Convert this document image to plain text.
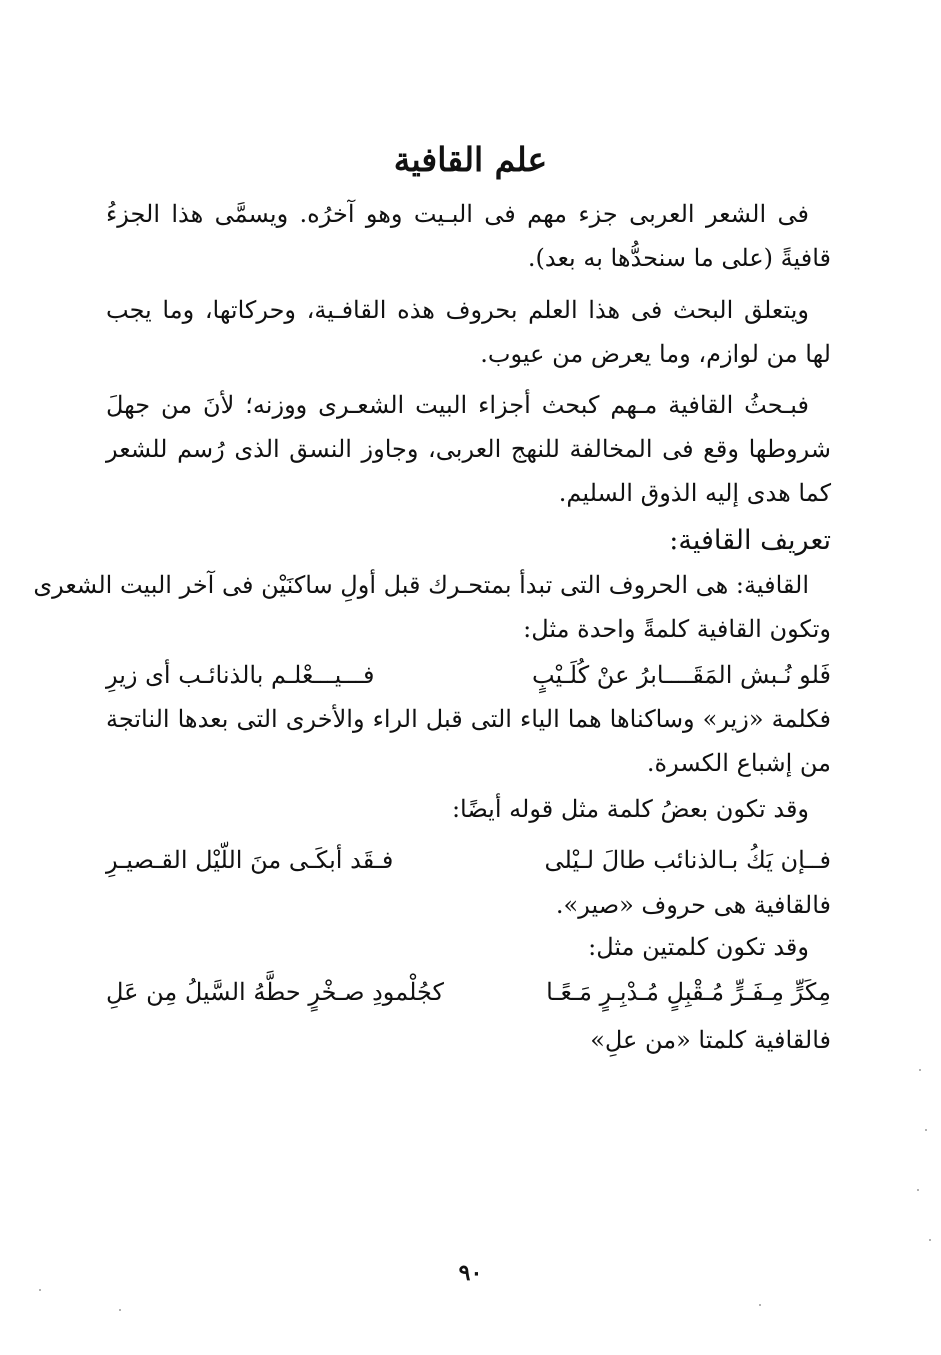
علم القافية

فى الشعر العربى جزء مهم فى البـيت وهو آخرُه. ويسمَّى هذا الجزءُ قافيةً (على ما سنحدُّها به بعد).

ويتعلق البحث فى هذا العلم بحروف هذه القافـية، وحركاتها، وما يجب لها من لوازم، وما يعرض من عيوب.

فبـحثُ القافية مـهم كبحث أجزاء البيت الشعـرى ووزنه؛ لأنَ من جهلَ شروطها وقع فى المخالفة للنهج العربى، وجاوز النسق الذى رُسم للشعر كما هدى إليه الذوق السليم.

تعريف القافية:
القافية: هى الحروف التى تبدأ بمتحـرك قبل أولِ ساكنَيْن فى آخر البيت الشعرى
وتكون القافية كلمةً واحدة مثل:
فَلو نُـبش المَقَــــابرُ عنْ كُلَـيْبٍ
فـــيـــعْلـم بالذنائـب أى زيرِ

فكلمة «زير» وساكناها هما الياء التى قبل الراء والأخرى التى بعدها الناتجة من إشباع الكسرة.

وقد تكون بعضُ كلمة مثل قوله أيضًا:
فــإن يَكُ بـالذنائب طالَ لـيْلى
فـقَد أبكَـى منَ اللّيْل القـصيـرِ
فالقافية هى حروف «صير».
وقد تكون كلمتين مثل:
مِكَرٍّ مِـفَـرٍّ مُـقْبِلٍ مُـدْبِـرٍ مَـعًـا
كجُلْمودِ صـخْرٍ حطَّهُ السَّيلُ مِن عَلِ
فالقافية كلمتا «من علِ»
٩٠
